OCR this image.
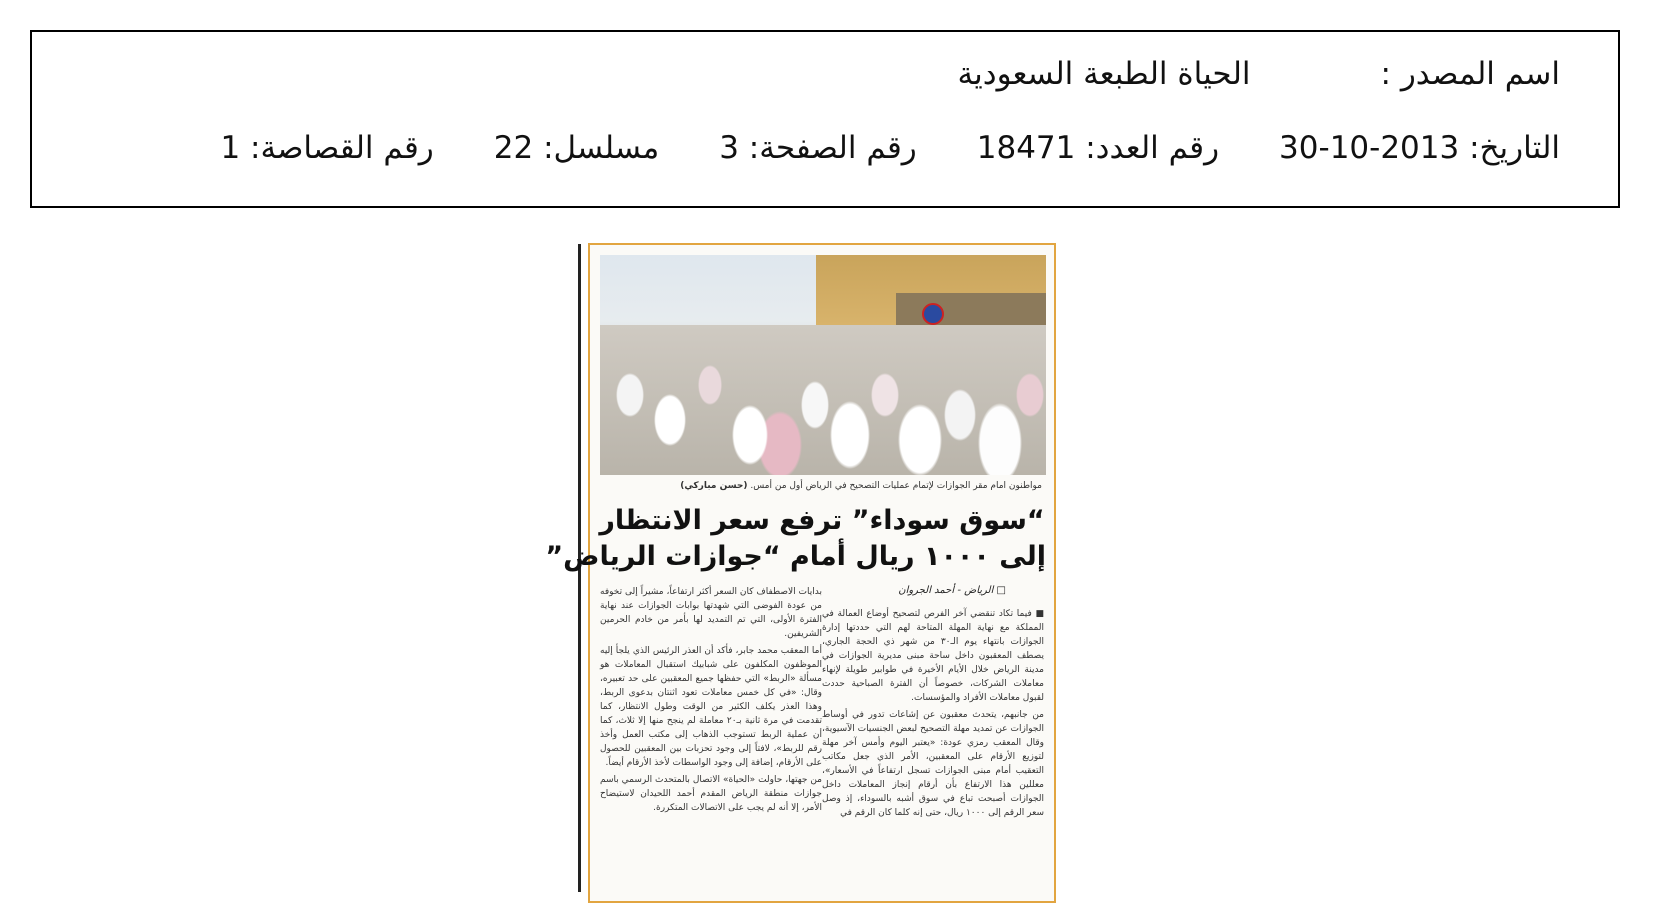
اسم المصدر :الحياة الطبعة السعودية
التاريخ: 2013-10-30رقم العدد: 18471رقم الصفحة: 3مسلسل: 22رقم القصاصة: 1
مواطنون امام مقر الجوازات لإتمام عمليات التصحيح في الرياض أول من أمس. (حسن مباركي)
“سوق سوداء” ترفع سعر الانتظار
إلى ١٠٠٠ ريال أمام “جوازات الرياض”
□ الرياض - أحمد الجروان

■ فيما تكاد تنقضي آخر الفرص لتصحيح أوضاع العمالة في المملكة مع نهاية المهلة المتاحة لهم التي حددتها إدارة الجوازات بانتهاء يوم الـ٣٠ من شهر ذي الحجة الجاري، يصطف المعقبون داخل ساحة مبنى مديرية الجوازات في مدينة الرياض خلال الأيام الأخيرة في طوابير طويلة لإنهاء معاملات الشركات، خصوصاً أن الفترة الصباحية حددت لقبول معاملات الأفراد والمؤسسات.

من جانبهم، يتحدث معقبون عن إشاعات تدور في أوساط الجوازات عن تمديد مهلة التصحيح لبعض الجنسيات الآسيوية، وقال المعقب رمزي عودة: «يعتبر اليوم وأمس آخر مهلة لتوزيع الأرقام على المعقبين، الأمر الذي جعل مكاتب التعقيب أمام مبنى الجوازات تسجل ارتفاعاً في الأسعار»، معللين هذا الارتفاع بأن أرقام إنجاز المعاملات داخل الجوازات أصبحت تباع في سوق أشبه بالسوداء، إذ وصل سعر الرقم إلى ١٠٠٠ ريال، حتى إنه كلما كان الرقم في

بدايات الاصطفاف كان السعر أكثر ارتفاعاً، مشيراً إلى تخوفه من عودة الفوضى التي شهدتها بوابات الجوازات عند نهاية الفترة الأولى، التي تم التمديد لها بأمر من خادم الحرمين الشريفين.

أما المعقب محمد جابر، فأكد أن العذر الرئيس الذي يلجأ إليه الموظفون المكلفون على شبابيك استقبال المعاملات هو مسألة «الربط» التي حفظها جميع المعقبين على حد تعبيره، وقال: «في كل خمس معاملات تعود اثنتان بدعوى الربط، وهذا العذر يكلف الكثير من الوقت وطول الانتظار، كما تقدمت في مرة ثانية بـ٢٠ معاملة لم ينجح منها إلا ثلاث، كما أن عملية الربط تستوجب الذهاب إلى مكتب العمل وأخذ رقم للربط»، لافتاً إلى وجود تحزبات بين المعقبين للحصول على الأرقام، إضافة إلى وجود الواسطات لأخذ الأرقام أيضاً.

من جهتها، حاولت «الحياة» الاتصال بالمتحدث الرسمي باسم جوازات منطقة الرياض المقدم أحمد اللحيدان لاستيضاح الأمر، إلا أنه لم يجب على الاتصالات المتكررة.
